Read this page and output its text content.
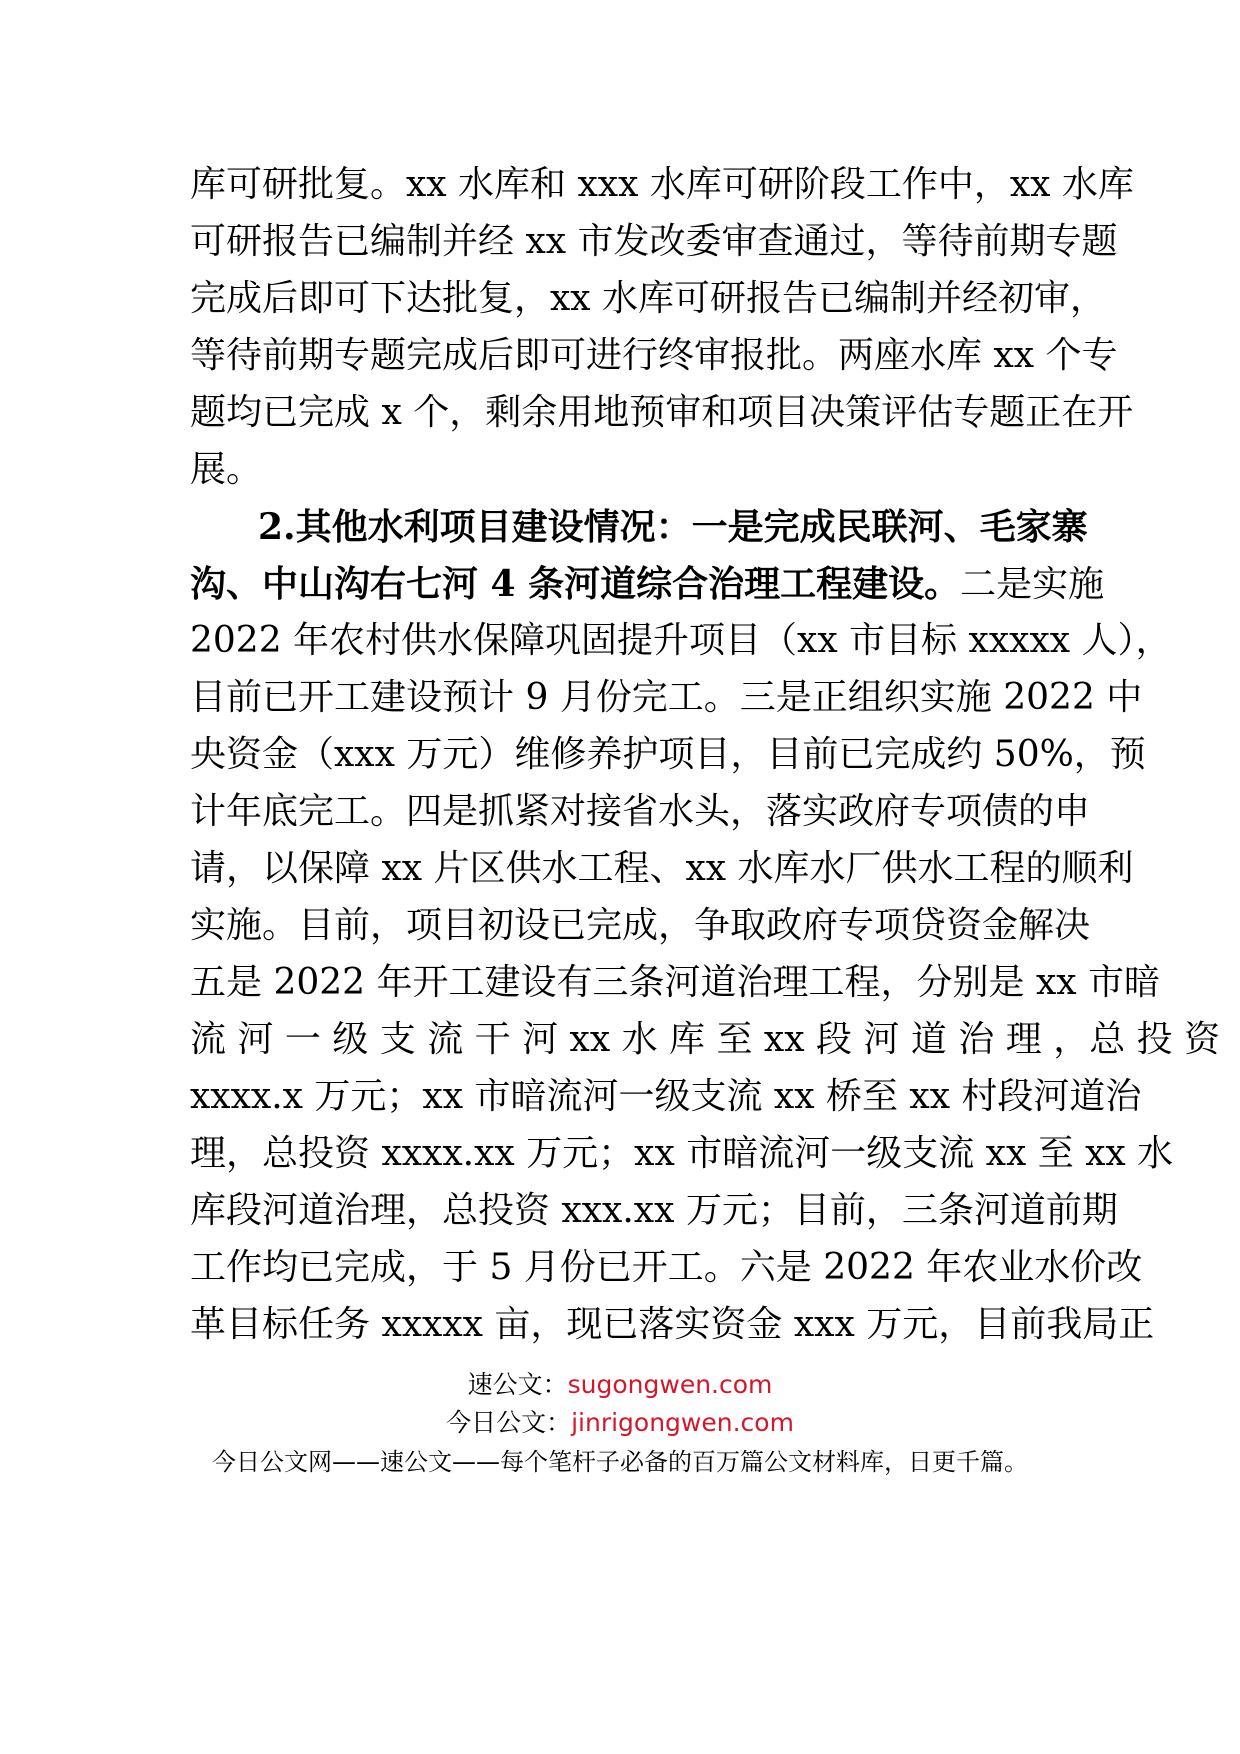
库可研批复。xx 水库和 xxx 水库可研阶段工作中，xx 水库
可研报告已编制并经 xx 市发改委审查通过，等待前期专题
完成后即可下达批复，xx 水库可研报告已编制并经初审，
等待前期专题完成后即可进行终审报批。两座水库 xx 个专
题均已完成 x 个，剩余用地预审和项目决策评估专题正在开
展。
2.其他水利项目建设情况：一是完成民联河、毛家寨
沟、中山沟右七河 4 条河道综合治理工程建设。二是实施
2022 年农村供水保障巩固提升项目（xx 市目标 xxxxx 人），
目前已开工建设预计 9 月份完工。三是正组织实施 2022 中
央资金（xxx 万元）维修养护项目，目前已完成约 50%，预
计年底完工。四是抓紧对接省水头，落实政府专项债的申
请，以保障 xx 片区供水工程、xx 水库水厂供水工程的顺利
实施。目前，项目初设已完成，争取政府专项贷资金解决
五是 2022 年开工建设有三条河道治理工程，分别是 xx 市暗
流 河 一 级 支 流 干 河 xx 水 库 至 xx 段 河 道 治 理 ，总 投 资
xxxx.x 万元；xx 市暗流河一级支流 xx 桥至 xx 村段河道治
理，总投资 xxxx.xx 万元；xx 市暗流河一级支流 xx 至 xx 水
库段河道治理，总投资 xxx.xx 万元；目前，三条河道前期
工作均已完成，于 5 月份已开工。六是 2022 年农业水价改
革目标任务 xxxxx 亩，现已落实资金 xxx 万元，目前我局正
速公文：sugongwen.com
今日公文：jinrigongwen.com
今日公文网——速公文——每个笔杆子必备的百万篇公文材料库，日更千篇。
